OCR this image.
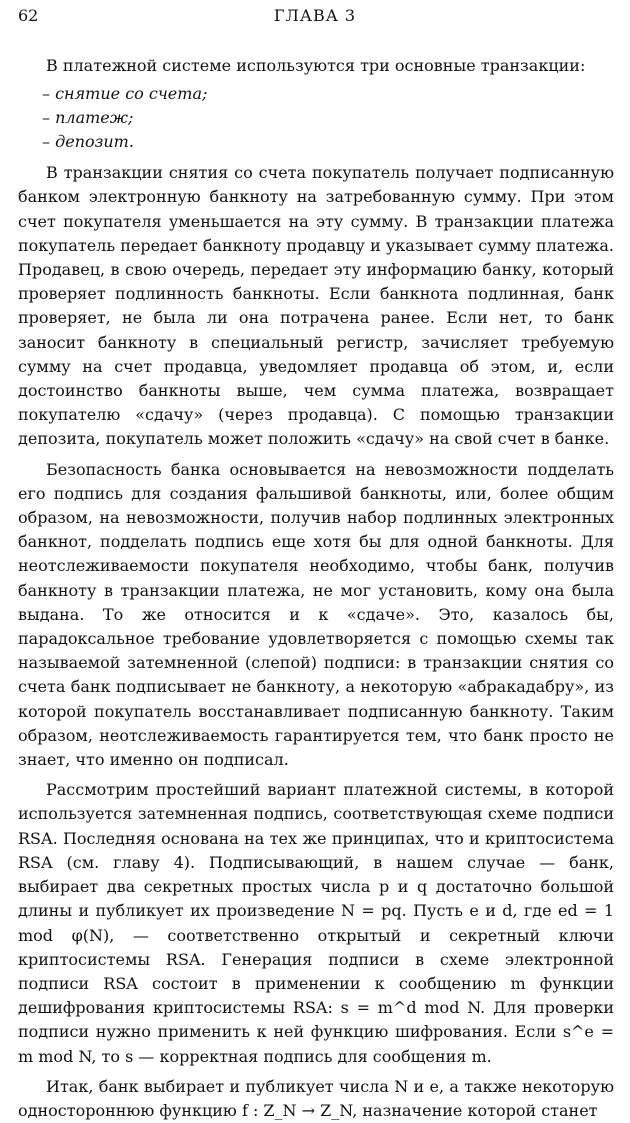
62	ГЛАВА 3

В платежной системе используются три основные транзакции:

– снятие со счета;
– платеж;
– депозит.

В транзакции снятия со счета покупатель получает подписанную банком электронную банкноту на затребованную сумму. При этом счет покупателя уменьшается на эту сумму. В транзакции платежа покупатель передает банкноту продавцу и указывает сумму платежа. Продавец, в свою очередь, передает эту информацию банку, который проверяет подлинность банкноты. Если банкнота подлинная, банк проверяет, не была ли она потрачена ранее. Если нет, то банк заносит банкноту в специальный регистр, зачисляет требуемую сумму на счет продавца, уведомляет продавца об этом, и, если достоинство банкноты выше, чем сумма платежа, возвращает покупателю «сдачу» (через продавца). С помощью транзакции депозита, покупатель может положить «сдачу» на свой счет в банке.

Безопасность банка основывается на невозможности подделать его подпись для создания фальшивой банкноты, или, более общим образом, на невозможности, получив набор подлинных электронных банкнот, подделать подпись еще хотя бы для одной банкноты. Для неотслеживаемости покупателя необходимо, чтобы банк, получив банкноту в транзакции платежа, не мог установить, кому она была выдана. То же относится и к «сдаче». Это, казалось бы, парадоксальное требование удовлетворяется с помощью схемы так называемой затемненной (слепой) подписи: в транзакции снятия со счета банк подписывает не банкноту, а некоторую «абракадабру», из которой покупатель восстанавливает подписанную банкноту. Таким образом, неотслеживаемость гарантируется тем, что банк просто не знает, что именно он подписал.

Рассмотрим простейший вариант платежной системы, в которой используется затемненная подпись, соответствующая схеме подписи RSA. Последняя основана на тех же принципах, что и криптосистема RSA (см. главу 4). Подписывающий, в нашем случае — банк, выбирает два секретных простых числа p и q достаточно большой длины и публикует их произведение N = pq. Пусть e и d, где ed = 1 mod φ(N), — соответственно открытый и секретный ключи криптосистемы RSA. Генерация подписи в схеме электронной подписи RSA состоит в применении к сообщению m функции дешифрования криптосистемы RSA: s = m^d mod N. Для проверки подписи нужно применить к ней функцию шифрования. Если s^e = m mod N, то s — корректная подпись для сообщения m.

Итак, банк выбирает и публикует числа N и e, а также некоторую одностороннюю функцию f : Z_N → Z_N, назначение которой станет
